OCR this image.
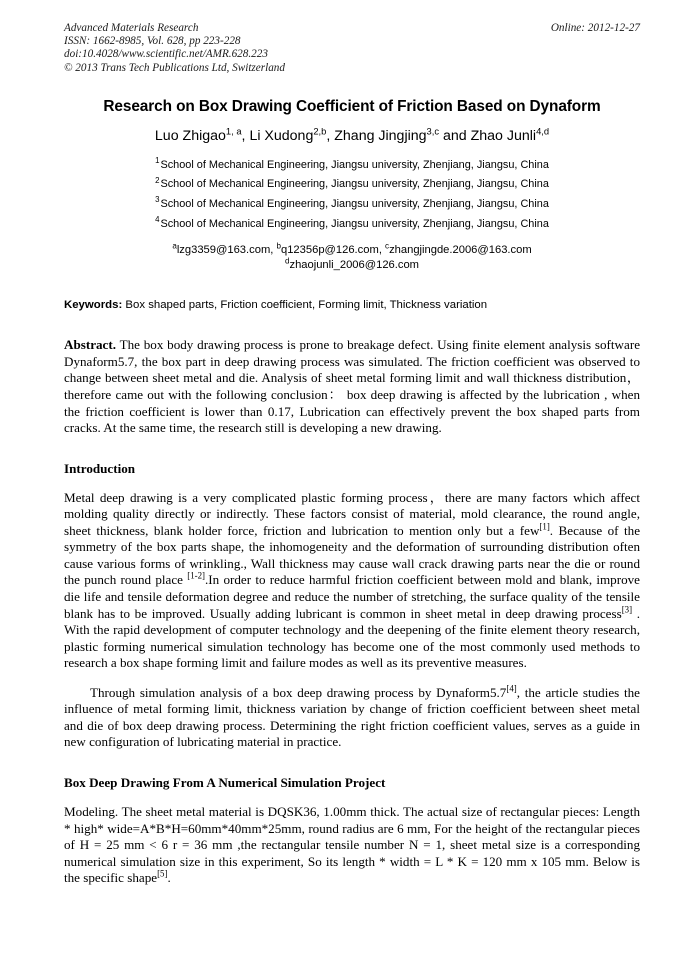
Advanced Materials Research
ISSN: 1662-8985, Vol. 628, pp 223-228
doi:10.4028/www.scientific.net/AMR.628.223
© 2013 Trans Tech Publications Ltd, Switzerland
Online: 2012-12-27
Research on Box Drawing Coefficient of Friction Based on Dynaform
Luo Zhigao$^{1, a}$, Li Xudong$^{2,b}$, Zhang Jingjing$^{3,c}$ and Zhao Junli$^{4,d}$
$^1$School of Mechanical Engineering, Jiangsu university, Zhenjiang, Jiangsu, China
$^2$School of Mechanical Engineering, Jiangsu university, Zhenjiang, Jiangsu, China
$^3$School of Mechanical Engineering, Jiangsu university, Zhenjiang, Jiangsu, China
$^4$School of Mechanical Engineering, Jiangsu university, Zhenjiang, Jiangsu, China
$^a$lzg3359@163.com, $^b$q12356p@126.com, $^c$zhangjingde.2006@163.com
$^d$zhaojunli_2006@126.com
Keywords: Box shaped parts, Friction coefficient, Forming limit, Thickness variation
Abstract. The box body drawing process is prone to breakage defect. Using finite element analysis software Dynaform5.7, the box part in deep drawing process was simulated. The friction coefficient was observed to change between sheet metal and die. Analysis of sheet metal forming limit and wall thickness distribution，therefore came out with the following conclusion： box deep drawing is affected by the lubrication , when the friction coefficient is lower than 0.17, Lubrication can effectively prevent the box shaped parts from cracks. At the same time, the research still is developing a new drawing.
Introduction

Metal deep drawing is a very complicated plastic forming process，there are many factors which affect molding quality directly or indirectly. These factors consist of material, mold clearance, the round angle, sheet thickness, blank holder force, friction and lubrication to mention only but a few[1]. Because of the symmetry of the box parts shape, the inhomogeneity and the deformation of surrounding distribution often cause various forms of wrinkling., Wall thickness may cause wall crack drawing parts near the die or round the punch round place [1-2].In order to reduce harmful friction coefficient between mold and blank, improve die life and tensile deformation degree and reduce the number of stretching, the surface quality of the tensile blank has to be improved. Usually adding lubricant is common in sheet metal in deep drawing process[3] . With the rapid development of computer technology and the deepening of the finite element theory research, plastic forming numerical simulation technology has become one of the most commonly used methods to research a box shape forming limit and failure modes as well as its preventive measures.

Through simulation analysis of a box deep drawing process by Dynaform5.7[4], the article studies the influence of metal forming limit, thickness variation by change of friction coefficient between sheet metal and die of box deep drawing process. Determining the right friction coefficient values, serves as a guide in new configuration of lubricating material in practice.

Box Deep Drawing From A Numerical Simulation Project

Modeling. The sheet metal material is DQSK36, 1.00mm thick. The actual size of rectangular pieces: Length * high* wide=A*B*H=60mm*40mm*25mm, round radius are 6 mm, For the height of the rectangular pieces of H = 25 mm < 6 r = 36 mm ,the rectangular tensile number N = 1, sheet metal size is a corresponding numerical simulation size in this experiment, So its length * width = L * K = 120 mm x 105 mm. Below is the specific shape[5].
